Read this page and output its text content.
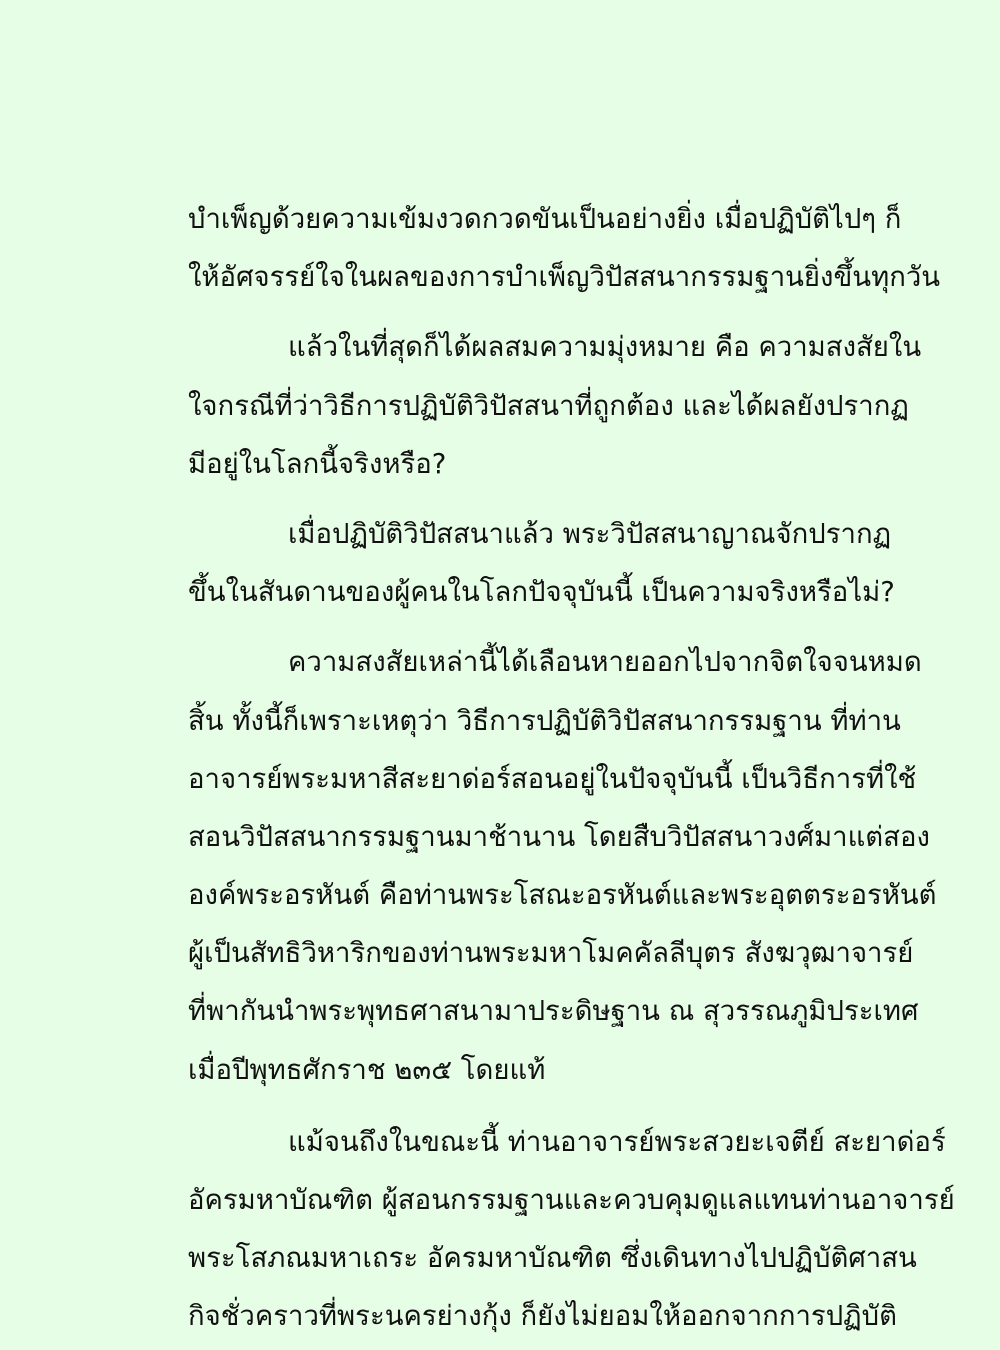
บำเพ็ญด้วยความเข้มงวดกวดขันเป็นอย่างยิ่ง เมื่อปฏิบัติไปๆ ก็
ให้อัศจรรย์ใจในผลของการบำเพ็ญวิปัสสนากรรมฐานยิ่งขึ้นทุกวัน
แล้วในที่สุดก็ได้ผลสมความมุ่งหมาย คือ ความสงสัยใน
ใจกรณีที่ว่าวิธีการปฏิบัติวิปัสสนาที่ถูกต้อง และได้ผลยังปรากฏ
มีอยู่ในโลกนี้จริงหรือ?
เมื่อปฏิบัติวิปัสสนาแล้ว พระวิปัสสนาญาณจักปรากฏ
ขึ้นในสันดานของผู้คนในโลกปัจจุบันนี้ เป็นความจริงหรือไม่?
ความสงสัยเหล่านี้ได้เลือนหายออกไปจากจิตใจจนหมด
สิ้น ทั้งนี้ก็เพราะเหตุว่า วิธีการปฏิบัติวิปัสสนากรรมฐาน ที่ท่าน
อาจารย์พระมหาสีสะยาด่อร์สอนอยู่ในปัจจุบันนี้ เป็นวิธีการที่ใช้
สอนวิปัสสนากรรมฐานมาช้านาน โดยสืบวิปัสสนาวงศ์มาแต่สอง
องค์พระอรหันต์ คือท่านพระโสณะอรหันต์และพระอุตตระอรหันต์
ผู้เป็นสัทธิวิหาริกของท่านพระมหาโมคคัลลีบุตร สังฆวุฒาจารย์
ที่พากันนำพระพุทธศาสนามาประดิษฐาน ณ สุวรรณภูมิประเทศ
เมื่อปีพุทธศักราช ๒๓๕ โดยแท้
แม้จนถึงในขณะนี้ ท่านอาจารย์พระสวยะเจตีย์ สะยาด่อร์
อัครมหาบัณฑิต ผู้สอนกรรมฐานและควบคุมดูแลแทนท่านอาจารย์
พระโสภณมหาเถระ อัครมหาบัณฑิต ซึ่งเดินทางไปปฏิบัติศาสน
กิจชั่วคราวที่พระนครย่างกุ้ง ก็ยังไม่ยอมให้ออกจากการปฏิบัติ
